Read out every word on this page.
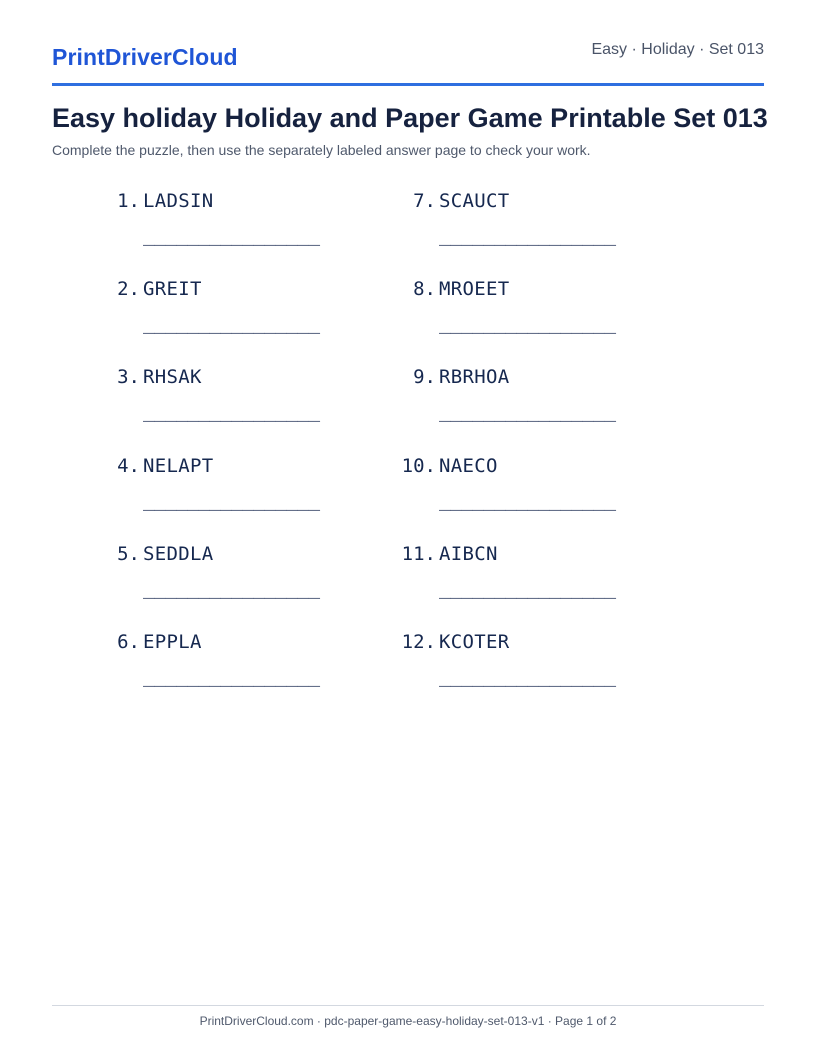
PrintDriverCloud	Easy · Holiday · Set 013
Easy holiday Holiday and Paper Game Printable Set 013

Complete the puzzle, then use the separately labeled answer page to check your work.

1. LADSIN
________________
2. GREIT
________________
3. RHSAK
________________
4. NELAPT
________________
5. SEDDLA
________________
6. EPPLA
________________
7. SCAUCT
________________
8. MROEET
________________
9. RBRHOA
________________
10. NAECO
________________
11. AIBCN
________________
12. KCOTER
________________
PrintDriverCloud.com · pdc-paper-game-easy-holiday-set-013-v1 · Page 1 of 2
